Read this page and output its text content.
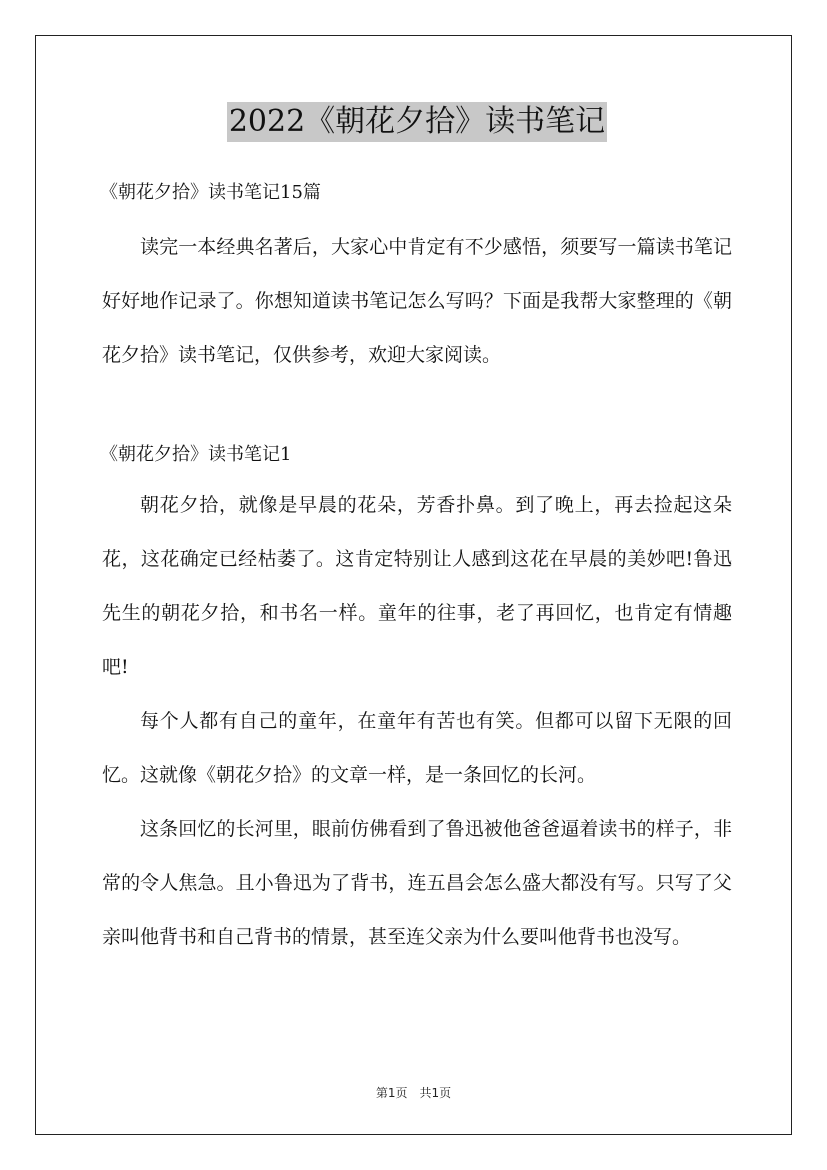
2022《朝花夕拾》读书笔记
《朝花夕拾》读书笔记15篇

读完一本经典名著后，大家心中肯定有不少感悟，须要写一篇读书笔记好好地作记录了。你想知道读书笔记怎么写吗？下面是我帮大家整理的《朝花夕拾》读书笔记，仅供参考，欢迎大家阅读。

《朝花夕拾》读书笔记1

朝花夕拾，就像是早晨的花朵，芳香扑鼻。到了晚上，再去捡起这朵花，这花确定已经枯萎了。这肯定特别让人感到这花在早晨的美妙吧!鲁迅先生的朝花夕拾，和书名一样。童年的往事，老了再回忆，也肯定有情趣吧!

每个人都有自己的童年，在童年有苦也有笑。但都可以留下无限的回忆。这就像《朝花夕拾》的文章一样，是一条回忆的长河。

这条回忆的长河里，眼前仿佛看到了鲁迅被他爸爸逼着读书的样子，非常的令人焦急。且小鲁迅为了背书，连五昌会怎么盛大都没有写。只写了父亲叫他背书和自己背书的情景，甚至连父亲为什么要叫他背书也没写。

第1页 共1页
